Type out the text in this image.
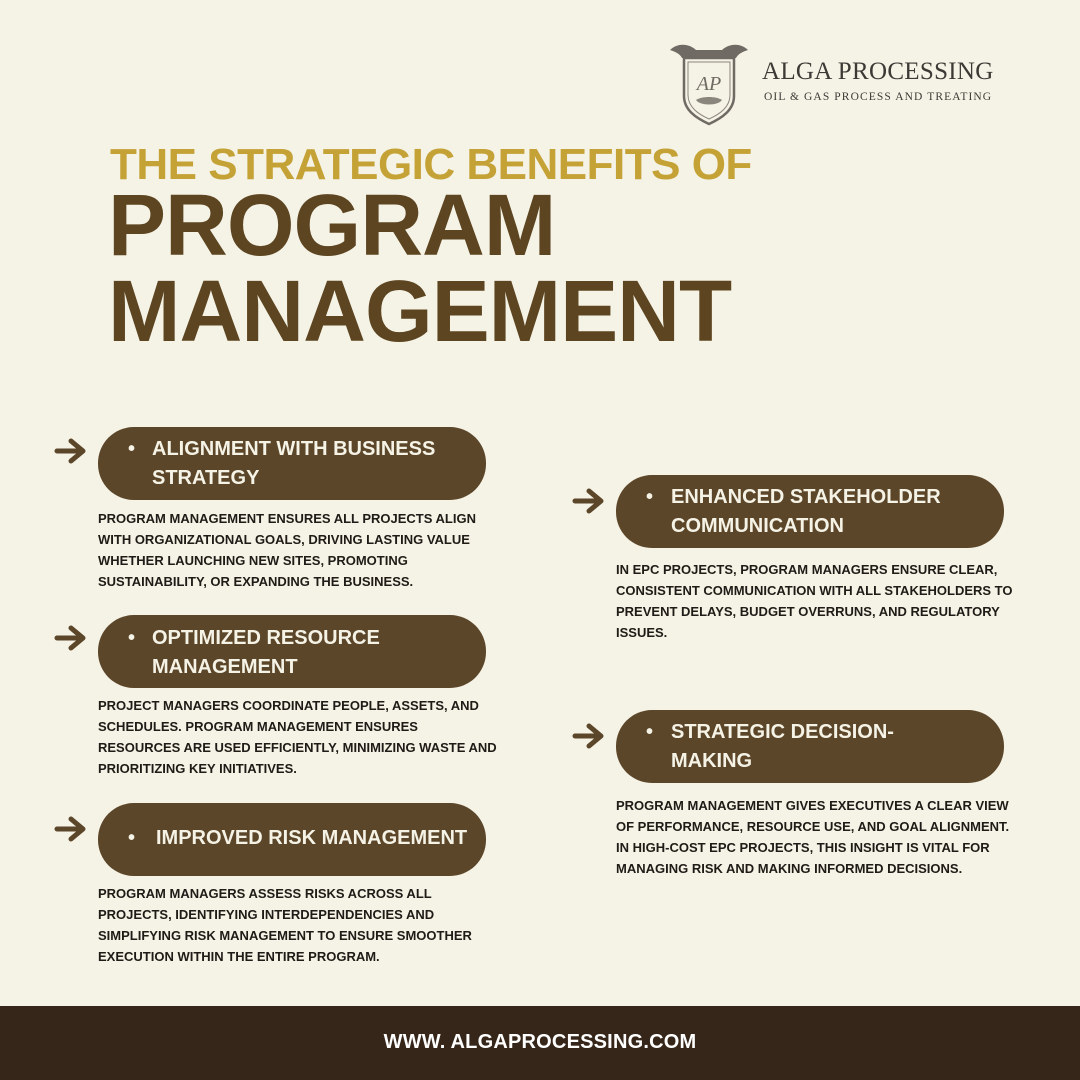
AP ALGA PROCESSING
OIL & GAS PROCESS AND TREATING
THE STRATEGIC BENEFITS OF
PROGRAM
MANAGEMENT
• ALIGNMENT WITH BUSINESS
STRATEGY

PROGRAM MANAGEMENT ENSURES ALL PROJECTS ALIGN WITH ORGANIZATIONAL GOALS, DRIVING LASTING VALUE WHETHER LAUNCHING NEW SITES, PROMOTING SUSTAINABILITY, OR EXPANDING THE BUSINESS.

• OPTIMIZED RESOURCE
MANAGEMENT

PROJECT MANAGERS COORDINATE PEOPLE, ASSETS, AND SCHEDULES. PROGRAM MANAGEMENT ENSURES RESOURCES ARE USED EFFICIENTLY, MINIMIZING WASTE AND PRIORITIZING KEY INITIATIVES.

• IMPROVED RISK MANAGEMENT

PROGRAM MANAGERS ASSESS RISKS ACROSS ALL PROJECTS, IDENTIFYING INTERDEPENDENCIES AND SIMPLIFYING RISK MANAGEMENT TO ENSURE SMOOTHER EXECUTION WITHIN THE ENTIRE PROGRAM.

• ENHANCED STAKEHOLDER
COMMUNICATION

IN EPC PROJECTS, PROGRAM MANAGERS ENSURE CLEAR, CONSISTENT COMMUNICATION WITH ALL STAKEHOLDERS TO PREVENT DELAYS, BUDGET OVERRUNS, AND REGULATORY ISSUES.

• STRATEGIC DECISION-
MAKING

PROGRAM MANAGEMENT GIVES EXECUTIVES A CLEAR VIEW OF PERFORMANCE, RESOURCE USE, AND GOAL ALIGNMENT. IN HIGH-COST EPC PROJECTS, THIS INSIGHT IS VITAL FOR MANAGING RISK AND MAKING INFORMED DECISIONS.

WWW. ALGAPROCESSING.COM
